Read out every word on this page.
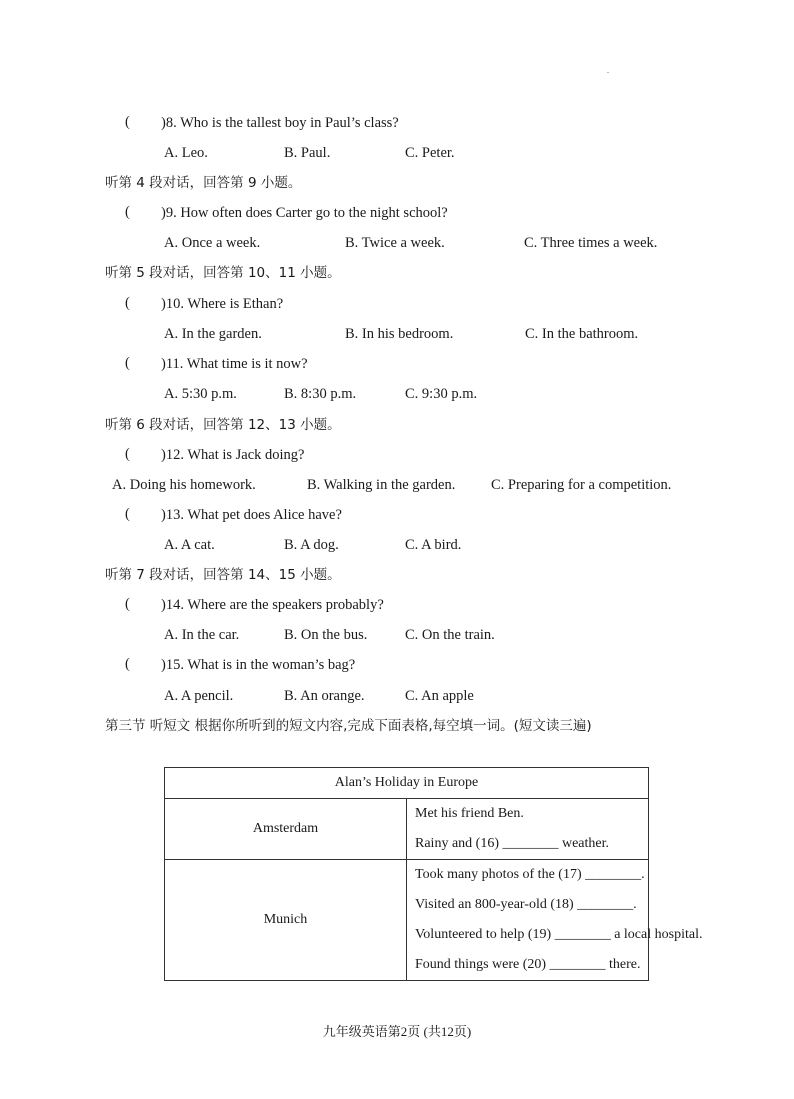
( )8. Who is the tallest boy in Paul’s class?
A. Leo.	B. Paul.	C. Peter.
听第 4 段对话，回答第 9 小题。
( )9. How often does Carter go to the night school?
A. Once a week.	B. Twice a week.	C. Three times a week.
听第 5 段对话，回答第 10、11 小题。
( )10. Where is Ethan?
A. In the garden.	B. In his bedroom.	C. In the bathroom.
( )11. What time is it now?
A. 5:30 p.m.	B. 8:30 p.m.	C. 9:30 p.m.
听第 6 段对话，回答第 12、13 小题。
( )12. What is Jack doing?
A. Doing his homework.	B. Walking in the garden. C. Preparing for a competition.
( )13. What pet does Alice have?
A. A cat.	B. A dog.	C. A bird.
听第 7 段对话，回答第 14、15 小题。
( )14. Where are the speakers probably?
A. In the car.	B. On the bus.	C. On the train.
( )15. What is in the woman’s bag?
A. A pencil.	B. An orange.	C. An apple
第三节 听短文 根据你所听到的短文内容,完成下面表格,每空填一词。(短文读三遍)
Alan’s Holiday in Europe	
Amsterdam	Met his friend Ben.
Rainy and (16) ________ weather.

Munich	Took many photos of the (17) ________.
Visited an 800-year-old (18) ________.
Volunteered to help (19) ________ a local hospital.
Found things were (20) ________ there.
九年级英语第2页 (共12页)
